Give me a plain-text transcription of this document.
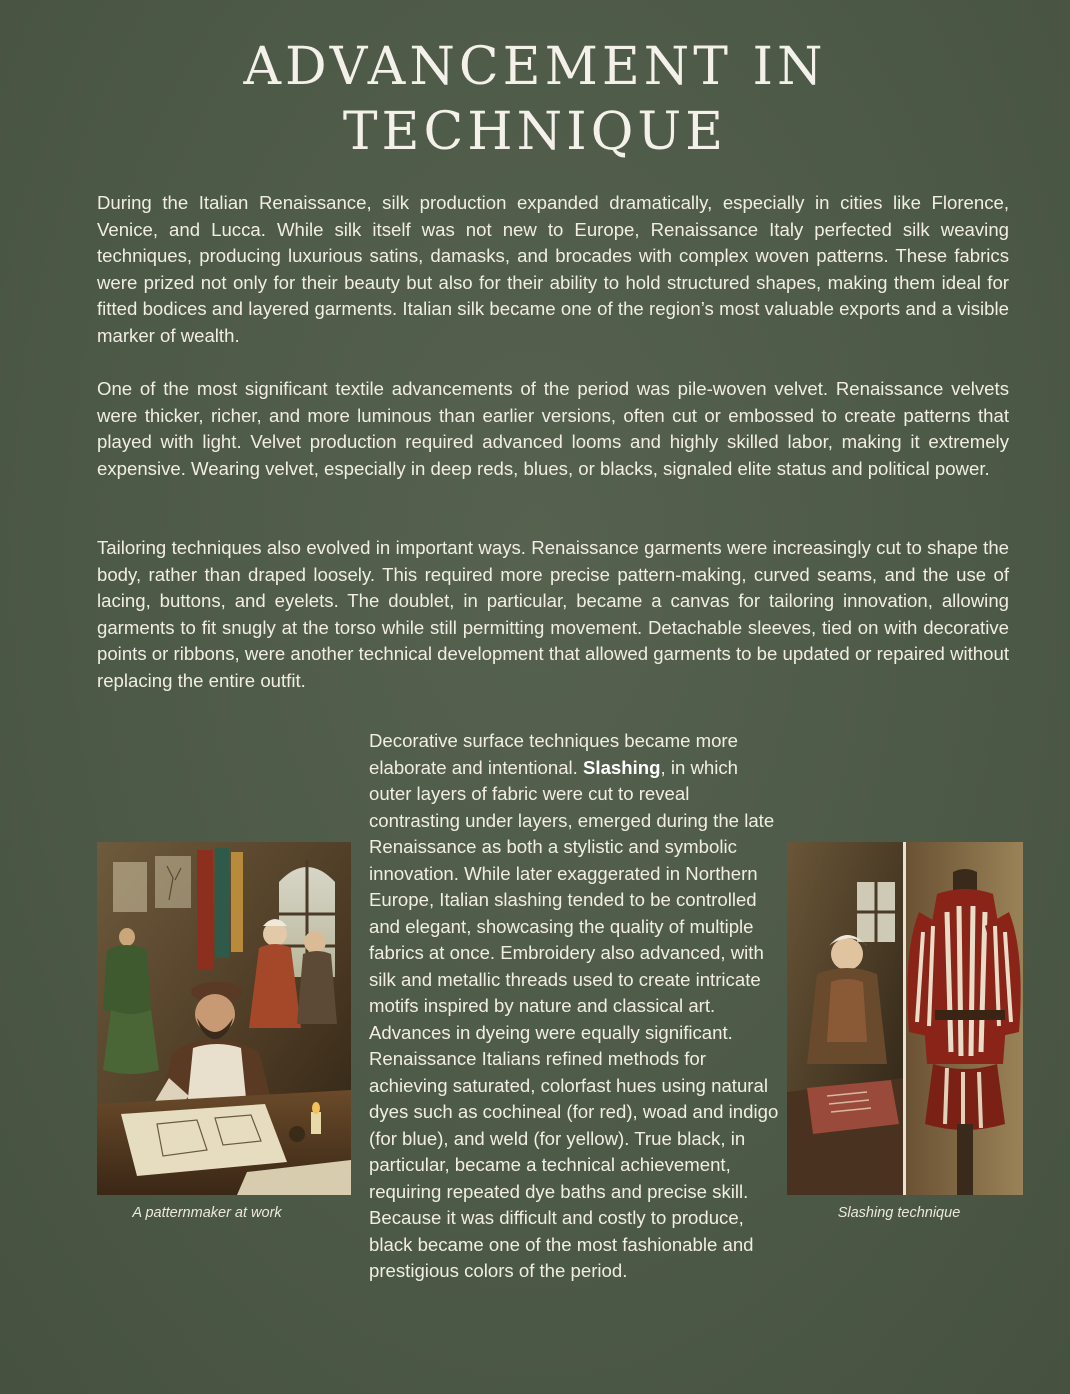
ADVANCEMENT IN
TECHNIQUE

During the Italian Renaissance, silk production expanded dramatically, especially in cities like Florence, Venice, and Lucca. While silk itself was not new to Europe, Renaissance Italy perfected silk weaving techniques, producing luxurious satins, damasks, and brocades with complex woven patterns. These fabrics were prized not only for their beauty but also for their ability to hold structured shapes, making them ideal for fitted bodices and layered garments. Italian silk became one of the region’s most valuable exports and a visible marker of wealth.

One of the most significant textile advancements of the period was pile-woven velvet. Renaissance velvets were thicker, richer, and more luminous than earlier versions, often cut or embossed to create patterns that played with light. Velvet production required advanced looms and highly skilled labor, making it extremely expensive. Wearing velvet, especially in deep reds, blues, or blacks, signaled elite status and political power.

Tailoring techniques also evolved in important ways. Renaissance garments were increasingly cut to shape the body, rather than draped loosely. This required more precise pattern-making, curved seams, and the use of lacing, buttons, and eyelets. The doublet, in particular, became a canvas for tailoring innovation, allowing garments to fit snugly at the torso while still permitting movement. Detachable sleeves, tied on with decorative points or ribbons, were another technical development that allowed garments to be updated or repaired without replacing the entire outfit.

Decorative surface techniques became more elaborate and intentional. Slashing, in which outer layers of fabric were cut to reveal contrasting under layers, emerged during the late Renaissance as both a stylistic and symbolic innovation. While later exaggerated in Northern Europe, Italian slashing tended to be controlled and elegant, showcasing the quality of multiple fabrics at once. Embroidery also advanced, with silk and metallic threads used to create intricate motifs inspired by nature and classical art. Advances in dyeing were equally significant. Renaissance Italians refined methods for achieving saturated, colorfast hues using natural dyes such as cochineal (for red), woad and indigo (for blue), and weld (for yellow). True black, in particular, became a technical achievement, requiring repeated dye baths and precise skill. Because it was difficult and costly to produce, black became one of the most fashionable and prestigious colors of the period.

A patternmaker at work	Slashing technique
